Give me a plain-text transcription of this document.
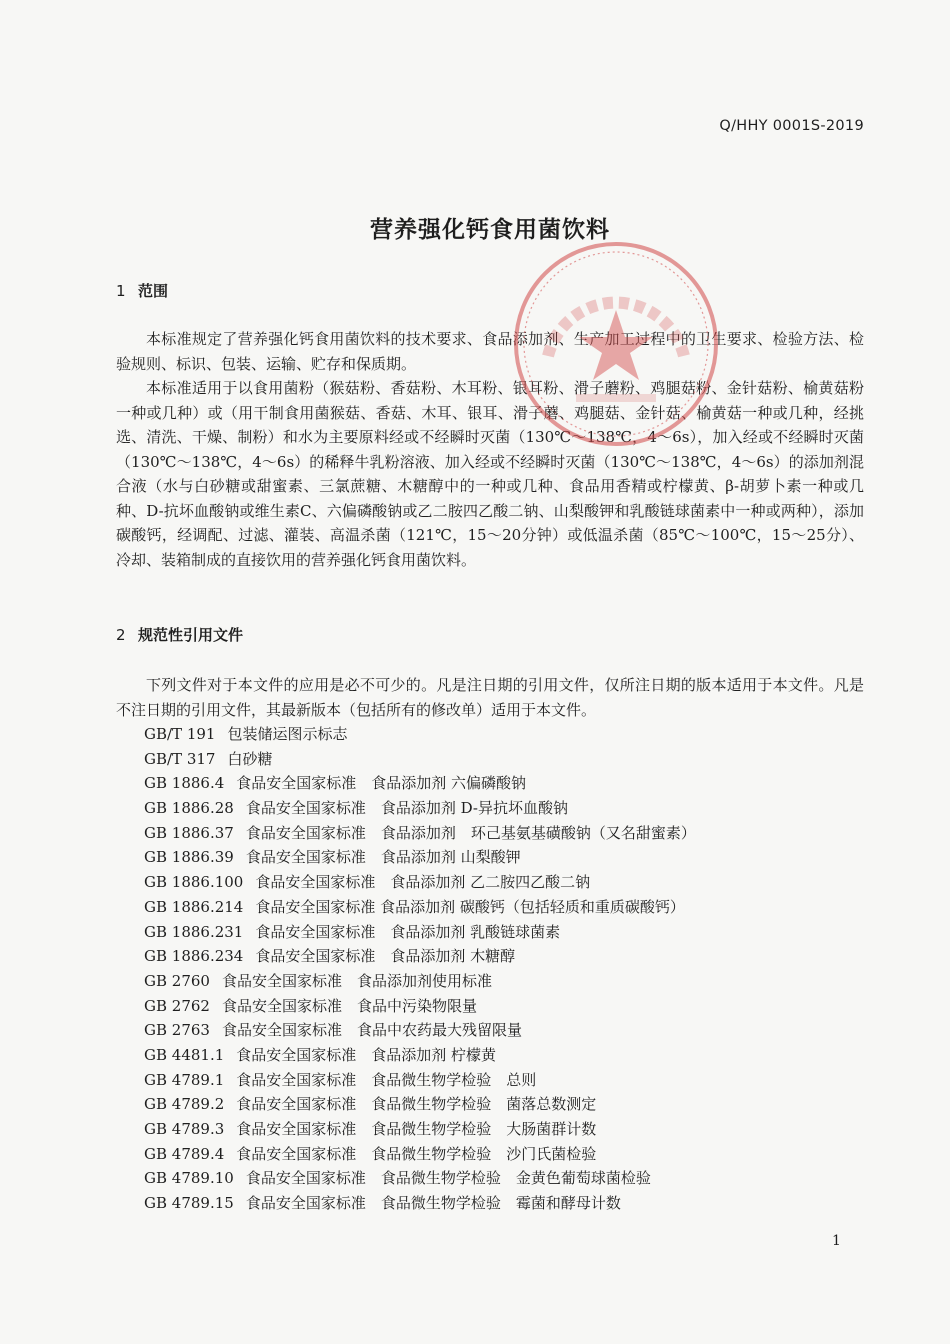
Q/HHY 0001S-2019
营养强化钙食用菌饮料
1 范围

本标准规定了营养强化钙食用菌饮料的技术要求、食品添加剂、生产加工过程中的卫生要求、检验方法、检验规则、标识、包装、运输、贮存和保质期。

本标准适用于以食用菌粉（猴菇粉、香菇粉、木耳粉、银耳粉、滑子蘑粉、鸡腿菇粉、金针菇粉、榆黄菇粉一种或几种）或（用干制食用菌猴菇、香菇、木耳、银耳、滑子蘑、鸡腿菇、金针菇、榆黄菇一种或几种，经挑选、清洗、干燥、制粉）和水为主要原料经或不经瞬时灭菌（130℃～138℃，4～6s），加入经或不经瞬时灭菌（130℃～138℃，4～6s）的稀释牛乳粉溶液、加入经或不经瞬时灭菌（130℃～138℃，4～6s）的添加剂混合液（水与白砂糖或甜蜜素、三氯蔗糖、木糖醇中的一种或几种、食品用香精或柠檬黄、β-胡萝卜素一种或几种、D-抗坏血酸钠或维生素C、六偏磷酸钠或乙二胺四乙酸二钠、山梨酸钾和乳酸链球菌素中一种或两种），添加碳酸钙，经调配、过滤、灌装、高温杀菌（121℃，15～20分钟）或低温杀菌（85℃～100℃，15～25分）、冷却、装箱制成的直接饮用的营养强化钙食用菌饮料。

2 规范性引用文件

下列文件对于本文件的应用是必不可少的。凡是注日期的引用文件，仅所注日期的版本适用于本文件。凡是不注日期的引用文件，其最新版本（包括所有的修改单）适用于本文件。

GB/T 191 包装储运图示标志
GB/T 317 白砂糖
GB 1886.4 食品安全国家标准　食品添加剂 六偏磷酸钠
GB 1886.28 食品安全国家标准　食品添加剂 D-异抗坏血酸钠
GB 1886.37 食品安全国家标准　食品添加剂　环己基氨基磺酸钠（又名甜蜜素）
GB 1886.39 食品安全国家标准　食品添加剂 山梨酸钾
GB 1886.100 食品安全国家标准　食品添加剂 乙二胺四乙酸二钠
GB 1886.214 食品安全国家标准 食品添加剂 碳酸钙（包括轻质和重质碳酸钙）
GB 1886.231 食品安全国家标准　食品添加剂 乳酸链球菌素
GB 1886.234 食品安全国家标准　食品添加剂 木糖醇
GB 2760 食品安全国家标准　食品添加剂使用标准
GB 2762 食品安全国家标准　食品中污染物限量
GB 2763 食品安全国家标准　食品中农药最大残留限量
GB 4481.1 食品安全国家标准　食品添加剂 柠檬黄
GB 4789.1 食品安全国家标准　食品微生物学检验　总则
GB 4789.2 食品安全国家标准　食品微生物学检验　菌落总数测定
GB 4789.3 食品安全国家标准　食品微生物学检验　大肠菌群计数
GB 4789.4 食品安全国家标准　食品微生物学检验　沙门氏菌检验
GB 4789.10 食品安全国家标准　食品微生物学检验　金黄色葡萄球菌检验
GB 4789.15 食品安全国家标准　食品微生物学检验　霉菌和酵母计数
1
